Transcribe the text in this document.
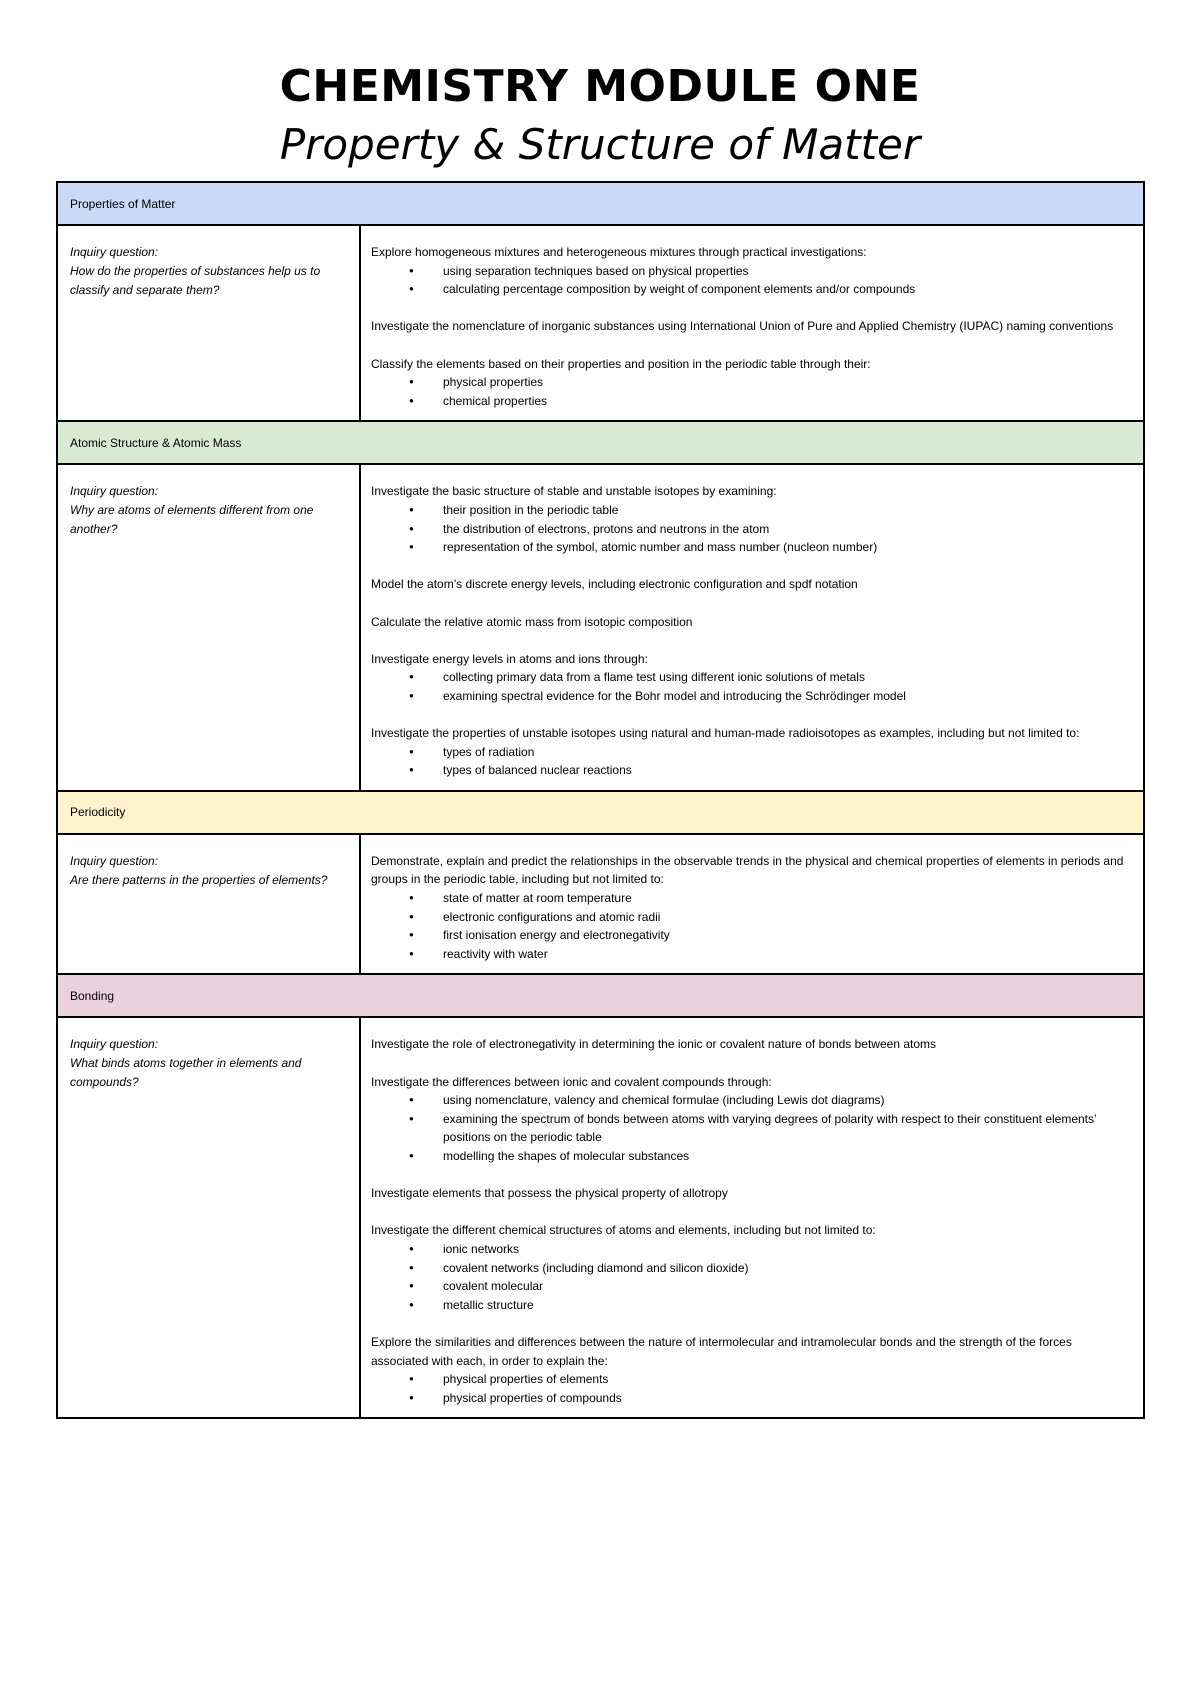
CHEMISTRY MODULE ONE
Property & Structure of Matter
Properties of Matter
Inquiry question:
How do the properties of substances help us to classify and separate them?
Explore homogeneous mixtures and heterogeneous mixtures through practical investigations:
● using separation techniques based on physical properties
● calculating percentage composition by weight of component elements and/or compounds
Investigate the nomenclature of inorganic substances using International Union of Pure and Applied Chemistry (IUPAC) naming conventions
Classify the elements based on their properties and position in the periodic table through their:
● physical properties
● chemical properties
Atomic Structure & Atomic Mass
Inquiry question:
Why are atoms of elements different from one another?
Investigate the basic structure of stable and unstable isotopes by examining:
● their position in the periodic table
● the distribution of electrons, protons and neutrons in the atom
● representation of the symbol, atomic number and mass number (nucleon number)
Model the atom’s discrete energy levels, including electronic configuration and spdf notation
Calculate the relative atomic mass from isotopic composition
Investigate energy levels in atoms and ions through:
● collecting primary data from a flame test using different ionic solutions of metals
● examining spectral evidence for the Bohr model and introducing the Schrödinger model
Investigate the properties of unstable isotopes using natural and human-made radioisotopes as examples, including but not limited to:
● types of radiation
● types of balanced nuclear reactions
Periodicity
Inquiry question:
Are there patterns in the properties of elements?
Demonstrate, explain and predict the relationships in the observable trends in the physical and chemical properties of elements in periods and groups in the periodic table, including but not limited to:
● state of matter at room temperature
● electronic configurations and atomic radii
● first ionisation energy and electronegativity
● reactivity with water
Bonding
Inquiry question:
What binds atoms together in elements and compounds?
Investigate the role of electronegativity in determining the ionic or covalent nature of bonds between atoms
Investigate the differences between ionic and covalent compounds through:
● using nomenclature, valency and chemical formulae (including Lewis dot diagrams)
● examining the spectrum of bonds between atoms with varying degrees of polarity with respect to their constituent elements’ positions on the periodic table
● modelling the shapes of molecular substances
Investigate elements that possess the physical property of allotropy
Investigate the different chemical structures of atoms and elements, including but not limited to:
● ionic networks
● covalent networks (including diamond and silicon dioxide)
● covalent molecular
● metallic structure
Explore the similarities and differences between the nature of intermolecular and intramolecular bonds and the strength of the forces associated with each, in order to explain the:
● physical properties of elements
● physical properties of compounds
